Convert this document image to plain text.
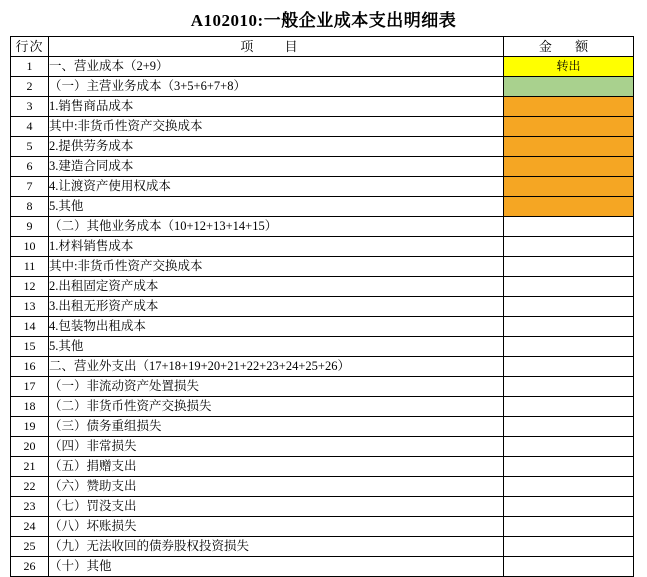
A102010:一般企业成本支出明细表
行次	项 目	金 额
1	一、营业成本（2+9）	转出
2	（一）主营业务成本（3+5+6+7+8）	
3	1.销售商品成本	
4	其中:非货币性资产交换成本	
5	2.提供劳务成本	
6	3.建造合同成本	
7	4.让渡资产使用权成本	
8	5.其他	
9	（二）其他业务成本（10+12+13+14+15）	
10	1.材料销售成本	
11	其中:非货币性资产交换成本	
12	2.出租固定资产成本	
13	3.出租无形资产成本	
14	4.包装物出租成本	
15	5.其他	
16	二、营业外支出（17+18+19+20+21+22+23+24+25+26）	
17	（一）非流动资产处置损失	
18	（二）非货币性资产交换损失	
19	（三）债务重组损失	
20	（四）非常损失	
21	（五）捐赠支出	
22	（六）赞助支出	
23	（七）罚没支出	
24	（八）坏账损失	
25	（九）无法收回的债券股权投资损失	
26	（十）其他	
